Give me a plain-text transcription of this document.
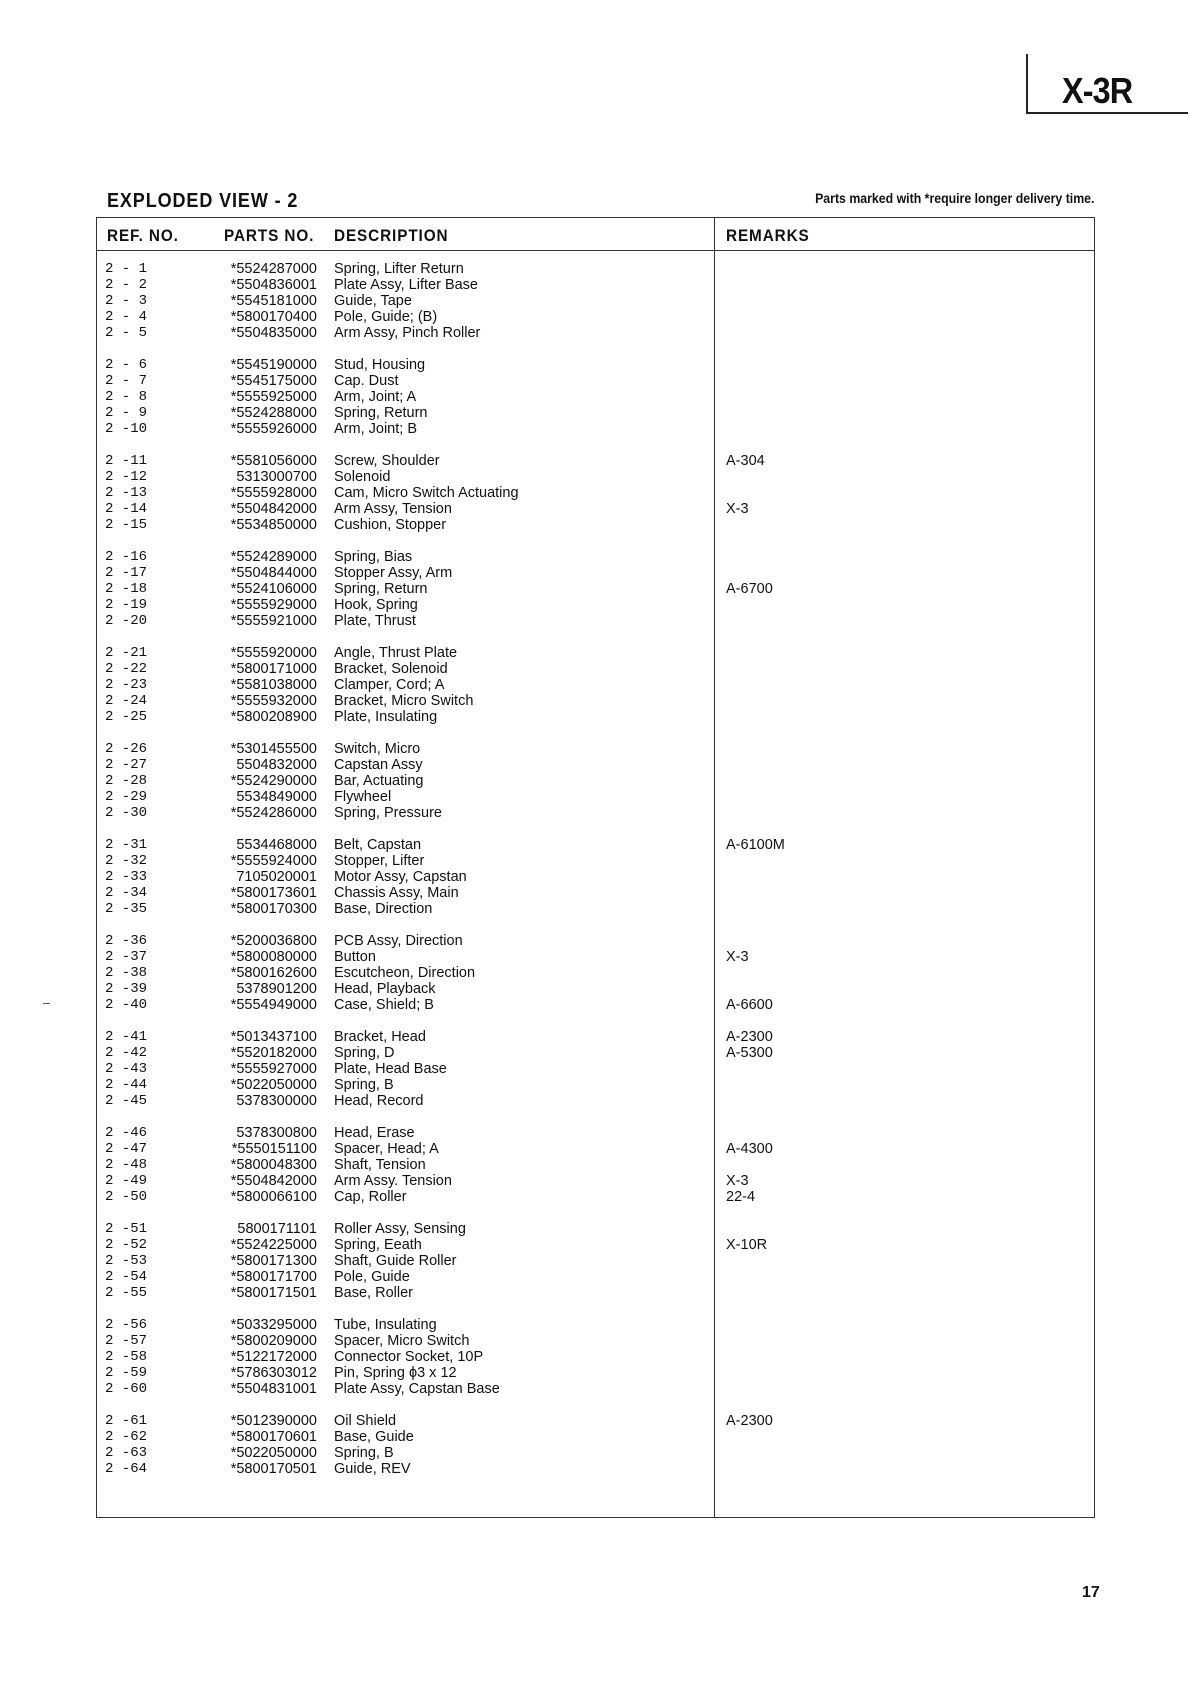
X-3R
EXPLODED VIEW - 2	Parts marked with *require longer delivery time.
REF. NO.	PARTS NO. DESCRIPTION	REMARKS
2 - 1	*5524287000 Spring, Lifter Return
2 - 2	*5504836001 Plate Assy, Lifter Base
2 - 3	*5545181000 Guide, Tape
2 - 4	*5800170400 Pole, Guide; (B)
2 - 5	*5504835000 Arm Assy, Pinch Roller
2 - 6	*5545190000 Stud, Housing
2 - 7	*5545175000 Cap. Dust
2 - 8	*5555925000 Arm, Joint; A
2 - 9	*5524288000 Spring, Return
2 -10	*5555926000 Arm, Joint; B
2 -11	*5581056000 Screw, Shoulder	A-304
2 -12	5313000700 Solenoid
2 -13	*5555928000 Cam, Micro Switch Actuating
2 -14	*5504842000 Arm Assy, Tension	X-3
2 -15	*5534850000 Cushion, Stopper
2 -16	*5524289000 Spring, Bias
2 -17	*5504844000 Stopper Assy, Arm
2 -18	*5524106000 Spring, Return	A-6700
2 -19	*5555929000 Hook, Spring
2 -20	*5555921000 Plate, Thrust
2 -21	*5555920000 Angle, Thrust Plate
2 -22	*5800171000 Bracket, Solenoid
2 -23	*5581038000 Clamper, Cord; A
2 -24	*5555932000 Bracket, Micro Switch
2 -25	*5800208900 Plate, Insulating
2 -26	*5301455500 Switch, Micro
2 -27	5504832000 Capstan Assy
2 -28	*5524290000 Bar, Actuating
2 -29	5534849000 Flywheel
2 -30	*5524286000 Spring, Pressure
2 -31	5534468000 Belt, Capstan	A-6100M
2 -32	*5555924000 Stopper, Lifter
2 -33	7105020001 Motor Assy, Capstan
2 -34	*5800173601 Chassis Assy, Main
2 -35	*5800170300 Base, Direction
2 -36	*5200036800 PCB Assy, Direction
2 -37	*5800080000 Button	X-3
2 -38	*5800162600 Escutcheon, Direction
2 -39	5378901200 Head, Playback
2 -40	*5554949000 Case, Shield; B	A-6600
2 -41	*5013437100 Bracket, Head	A-2300
2 -42	*5520182000 Spring, D	A-5300
2 -43	*5555927000 Plate, Head Base
2 -44	*5022050000 Spring, B
2 -45	5378300000 Head, Record
2 -46	5378300800 Head, Erase
2 -47	*5550151100 Spacer, Head; A	A-4300
2 -48	*5800048300 Shaft, Tension
2 -49	*5504842000 Arm Assy. Tension	X-3
2 -50	*5800066100 Cap, Roller	22-4
2 -51	5800171101 Roller Assy, Sensing
2 -52	*5524225000 Spring, Eeath	X-10R
2 -53	*5800171300 Shaft, Guide Roller
2 -54	*5800171700 Pole, Guide
2 -55	*5800171501 Base, Roller
2 -56	*5033295000 Tube, Insulating
2 -57	*5800209000 Spacer, Micro Switch
2 -58	*5122172000 Connector Socket, 10P
2 -59	*5786303012 Pin, Spring ϕ3 x 12
2 -60	*5504831001 Plate Assy, Capstan Base
2 -61	*5012390000 Oil Shield	A-2300
2 -62	*5800170601 Base, Guide
2 -63	*5022050000 Spring, B
2 -64	*5800170501 Guide, REV
17
